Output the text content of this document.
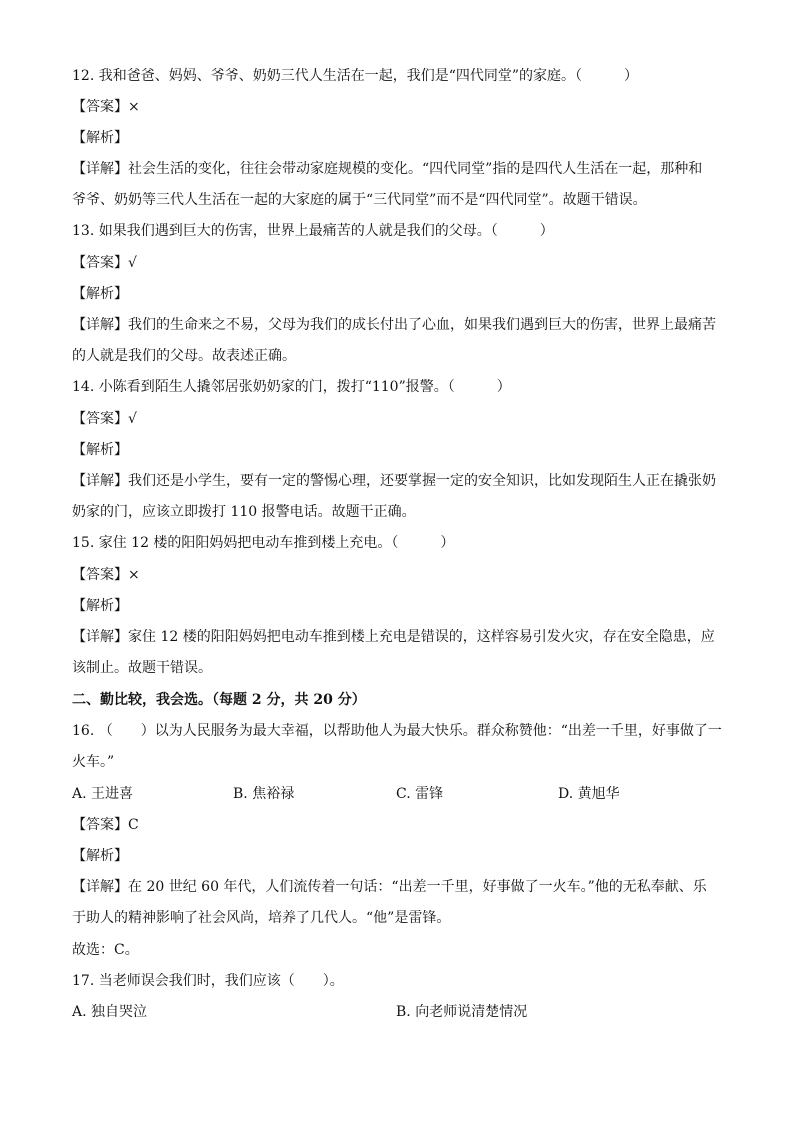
12. 我和爸爸、妈妈、爷爷、奶奶三代人生活在一起，我们是“四代同堂”的家庭。（　　　）
【答案】×
【解析】
【详解】社会生活的变化，往往会带动家庭规模的变化。“四代同堂”指的是四代人生活在一起，那种和
爷爷、奶奶等三代人生活在一起的大家庭的属于“三代同堂”而不是“四代同堂”。故题干错误。
13. 如果我们遇到巨大的伤害，世界上最痛苦的人就是我们的父母。（　　　）
【答案】√
【解析】
【详解】我们的生命来之不易，父母为我们的成长付出了心血，如果我们遇到巨大的伤害，世界上最痛苦
的人就是我们的父母。故表述正确。
14. 小陈看到陌生人撬邻居张奶奶家的门，拨打“110”报警。（　　　）
【答案】√
【解析】
【详解】我们还是小学生，要有一定的警惕心理，还要掌握一定的安全知识，比如发现陌生人正在撬张奶
奶家的门，应该立即拨打 110 报警电话。故题干正确。
15. 家住 12 楼的阳阳妈妈把电动车推到楼上充电。（　　　）
【答案】×
【解析】
【详解】家住 12 楼的阳阳妈妈把电动车推到楼上充电是错误的，这样容易引发火灾，存在安全隐患，应
该制止。故题干错误。
二、勤比较，我会选。（每题 2 分，共 20 分）
16. （　　）以为人民服务为最大幸福，以帮助他人为最大快乐。群众称赞他：“出差一千里，好事做了一
火车。”
A. 王进喜	B. 焦裕禄	C. 雷锋	D. 黄旭华
【答案】C
【解析】
【详解】在 20 世纪 60 年代，人们流传着一句话：“出差一千里，好事做了一火车。”他的无私奉献、乐
于助人的精神影响了社会风尚，培养了几代人。“他”是雷锋。
故选：C。
17. 当老师误会我们时，我们应该（　　）。
A. 独自哭泣	B. 向老师说清楚情况
